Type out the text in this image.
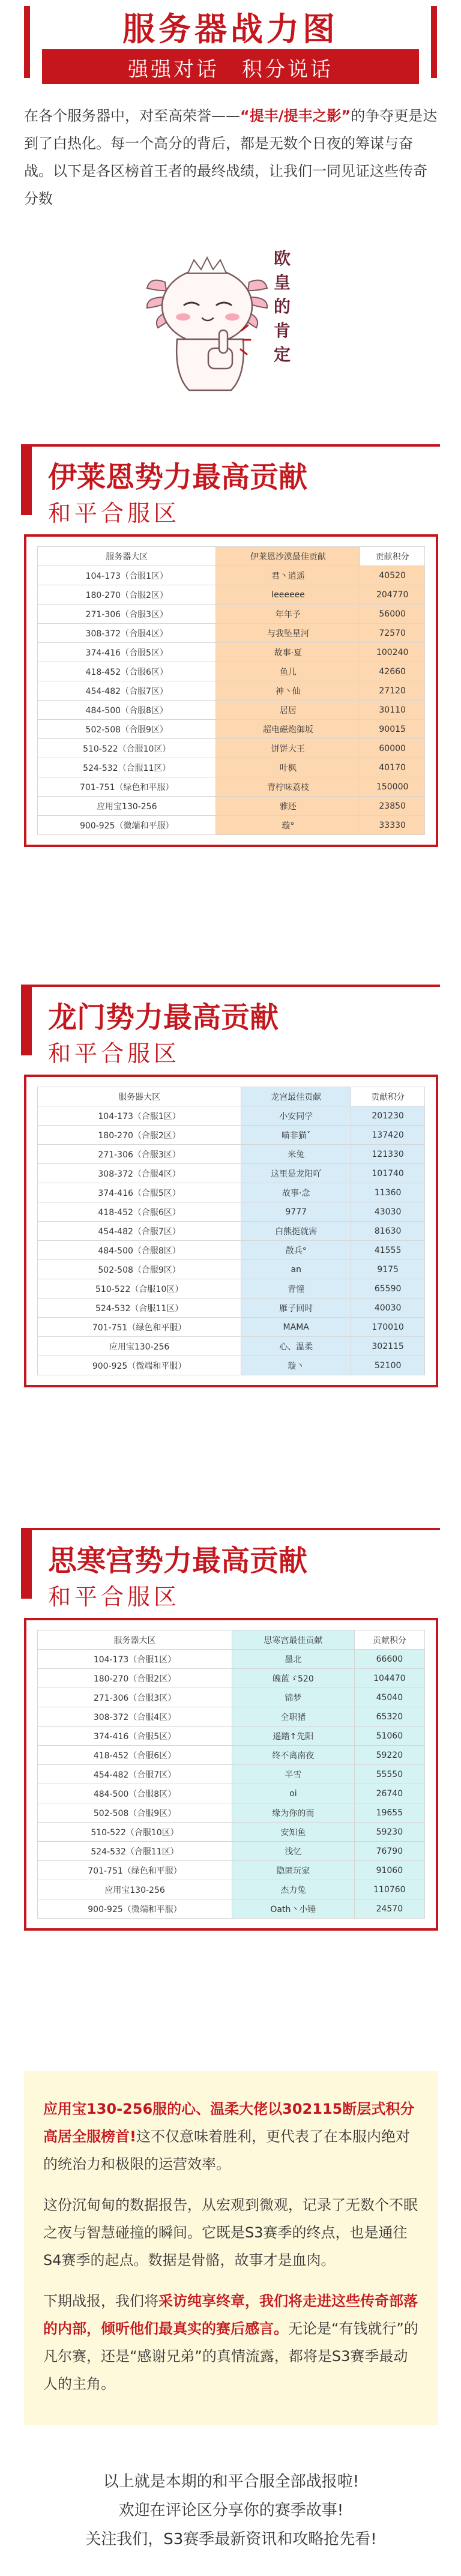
服务器战力图
强强对话　积分说话
在各个服务器中，对至高荣誉——“提丰/提丰之影”的争夺更是达到了白热化。每一个高分的背后，都是无数个日夜的筹谋与奋战。以下是各区榜首王者的最终战绩，让我们一同见证这些传奇分数
欧
皇
的
肯
定
伊莱恩势力最高贡献
和平合服区
服务器大区	伊莱恩沙漠最佳贡献	贡献积分
104-173（合服1区）	君丶逍遥	40520
180-270（合服2区）	Ieeeeee	204770
271-306（合服3区）	年年予	56000
308-372（合服4区）	与我坠星河	72570
374-416（合服5区）	故事·夏	100240
418-452（合服6区）	鱼儿	42660
454-482（合服7区）	神丶仙	27120
484-500（合服8区）	居居	30110
502-508（合服9区）	超电磁炮御坂	90015
510-522（合服10区）	饼饼大王	60000
524-532（合服11区）	叶枫	40170
701-751（绿色和平服）	青柠味荔枝	150000
应用宝130-256	雅还	23850
900-925（微端和平服）	璇°	33330
龙门势力最高贡献
和平合服区
服务器大区	龙宫最佳贡献	贡献积分
104-173（合服1区）	小安同学	201230
180-270（合服2区）	喵非猫ˇ	137420
271-306（合服3区）	米兔	121330
308-372（合服4区）	这里是龙阳吖	101740
374-416（合服5区）	故事·念	11360
418-452（合服6区）	9777	43030
454-482（合服7区）	白熊挺就害	81630
484-500（合服8区）	散兵°	41555
502-508（合服9区）	an	9175
510-522（合服10区）	青憧	65590
524-532（合服11区）	雁子回时	40030
701-751（绿色和平服）	MAMA	170010
应用宝130-256	心、温柔	302115
900-925（微端和平服）	璇丶	52100
思寒宫势力最高贡献
和平合服区
服务器大区	思寒宫最佳贡献	贡献积分
104-173（合服1区）	墨北	66600
180-270（合服2区）	魄蓝ゞ520	104470
271-306（合服3区）	锦梦	45040
308-372（合服4区）	全职猪	65320
374-416（合服5区）	遥踏↑先阳	51060
418-452（合服6区）	终不离南夜	59220
454-482（合服7区）	半雪	55550
484-500（合服8区）	oi	26740
502-508（合服9区）	缘为你的而	19655
510-522（合服10区）	安知鱼	59230
524-532（合服11区）	浅忆	76790
701-751（绿色和平服）	隐匿玩家	91060
应用宝130-256	杰力兔	110760
900-925（微端和平服）	Oath丶小锤	24570

应用宝130-256服的心、温柔大佬以302115断层式积分高居全服榜首!这不仅意味着胜利，更代表了在本服内绝对的统治力和极限的运营效率。

这份沉甸甸的数据报告，从宏观到微观，记录了无数个不眠之夜与智慧碰撞的瞬间。它既是S3赛季的终点，也是通往S4赛季的起点。数据是骨骼，故事才是血肉。

下期战报，我们将采访纯享终章，我们将走进这些传奇部落的内部，倾听他们最真实的赛后感言。无论是“有钱就行”的凡尔赛，还是“感谢兄弟”的真情流露，都将是S3赛季最动人的主角。

以上就是本期的和平合服全部战报啦!
欢迎在评论区分享你的赛季故事!
关注我们，S3赛季最新资讯和攻略抢先看!
